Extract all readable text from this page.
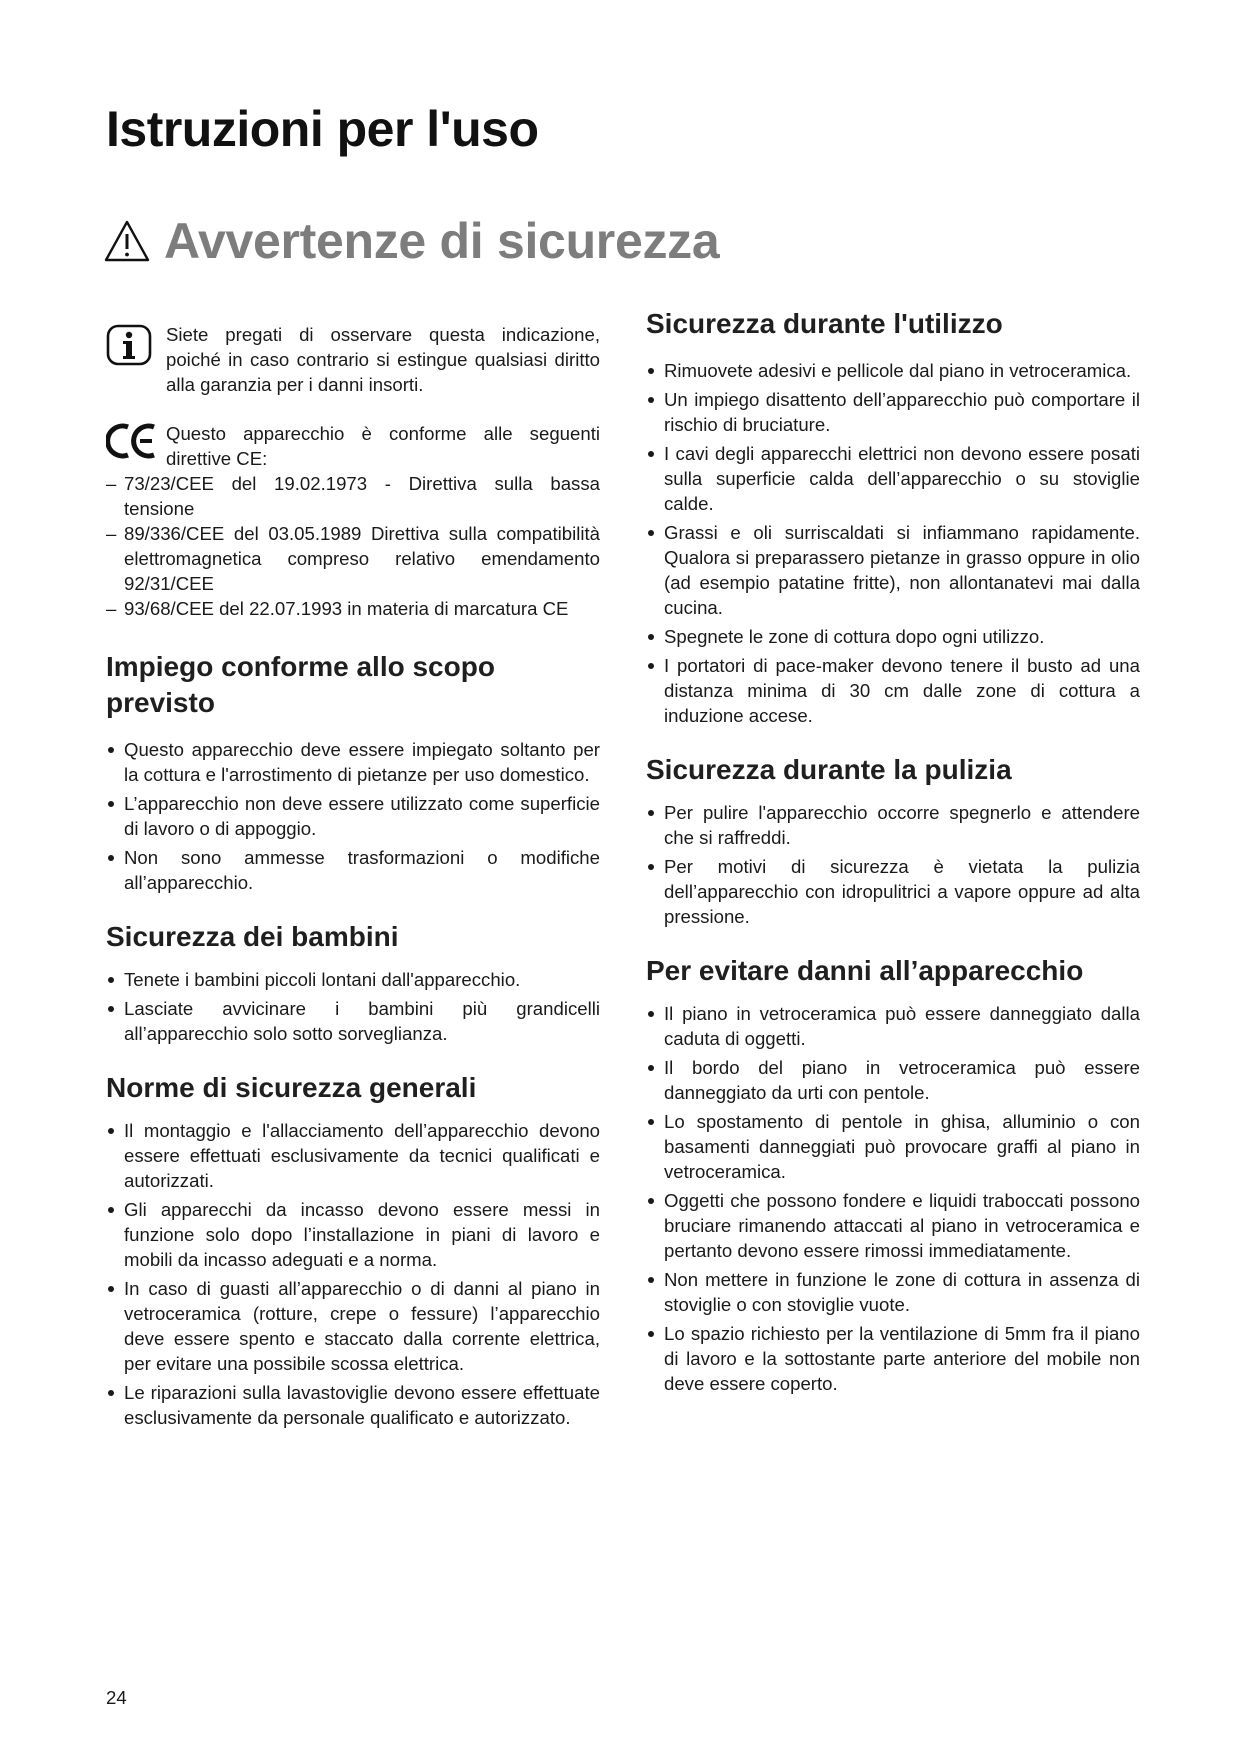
Istruzioni per l'uso
Avvertenze di sicurezza
Siete pregati di osservare questa indicazione, poiché in caso contrario si estingue qualsiasi diritto alla garanzia per i danni insorti.

Questo apparecchio è conforme alle seguenti direttive CE:

– 73/23/CEE del 19.02.1973 - Direttiva sulla bassa tensione
– 89/336/CEE del 03.05.1989 Direttiva sulla compatibilità elettromagnetica compreso relativo emendamento 92/31/CEE
– 93/68/CEE del 22.07.1993 in materia di marcatura CE
Impiego conforme allo scopo previsto
Questo apparecchio deve essere impiegato soltanto per la cottura e l'arrostimento di pietanze per uso domestico.
L’apparecchio non deve essere utilizzato come superficie di lavoro o di appoggio.
Non sono ammesse trasformazioni o modifiche all’apparecchio.
Sicurezza dei bambini
Tenete i bambini piccoli lontani dall'apparecchio.
Lasciate avvicinare i bambini più grandicelli all’apparecchio solo sotto sorveglianza.
Norme di sicurezza generali
Il montaggio e l'allacciamento dell’apparecchio devono essere effettuati esclusivamente da tecnici qualificati e autorizzati.
Gli apparecchi da incasso devono essere messi in funzione solo dopo l’installazione in piani di lavoro e mobili da incasso adeguati e a norma.
In caso di guasti all’apparecchio o di danni al piano in vetroceramica (rotture, crepe o fessure) l’apparecchio deve essere spento e staccato dalla corrente elettrica, per evitare una possibile scossa elettrica.
Le riparazioni sulla lavastoviglie devono essere effettuate esclusivamente da personale qualificato e autorizzato.
Sicurezza durante l'utilizzo
Rimuovete adesivi e pellicole dal piano in vetroceramica.
Un impiego disattento dell’apparecchio può comportare il rischio di bruciature.
I cavi degli apparecchi elettrici non devono essere posati sulla superficie calda dell’apparecchio o su stoviglie calde.
Grassi e oli surriscaldati si infiammano rapidamente. Qualora si preparassero pietanze in grasso oppure in olio (ad esempio patatine fritte), non allontanatevi mai dalla cucina.
Spegnete le zone di cottura dopo ogni utilizzo.
I portatori di pace-maker devono tenere il busto ad una distanza minima di 30 cm dalle zone di cottura a induzione accese.
Sicurezza durante la pulizia
Per pulire l'apparecchio occorre spegnerlo e attendere che si raffreddi.
Per motivi di sicurezza è vietata la pulizia dell’apparecchio con idropulitrici a vapore oppure ad alta pressione.
Per evitare danni all’apparecchio
Il piano in vetroceramica può essere danneggiato dalla caduta di oggetti.
Il bordo del piano in vetroceramica può essere danneggiato da urti con pentole.
Lo spostamento di pentole in ghisa, alluminio o con basamenti danneggiati può provocare graffi al piano in vetroceramica.
Oggetti che possono fondere e liquidi traboccati possono bruciare rimanendo attaccati al piano in vetroceramica e pertanto devono essere rimossi immediatamente.
Non mettere in funzione le zone di cottura in assenza di stoviglie o con stoviglie vuote.
Lo spazio richiesto per la ventilazione di 5mm fra il piano di lavoro e la sottostante parte anteriore del mobile non deve essere coperto.
24
